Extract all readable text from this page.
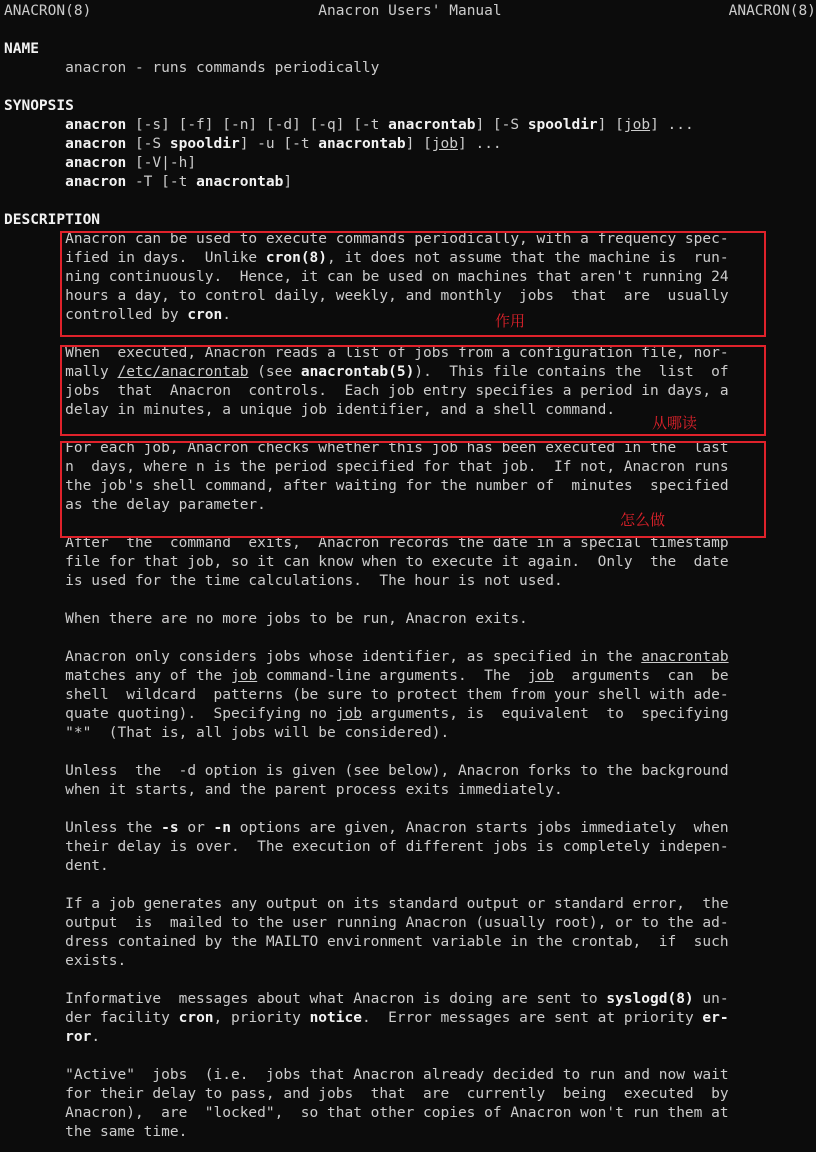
ANACRON(8)	Anacron Users' Manual	ANACRON(8)
NAME
anacron - runs commands periodically
SYNOPSIS
anacron [-s] [-f] [-n] [-d] [-q] [-t anacrontab] [-S spooldir] [job] ...
anacron [-S spooldir] -u [-t anacrontab] [job] ...
anacron [-V|-h]
anacron -T [-t anacrontab]
DESCRIPTION
Anacron can be used to execute commands periodically, with a frequency spec-
ified in days.  Unlike cron(8), it does not assume that the machine is  run-
ning continuously.  Hence, it can be used on machines that aren't running 24
hours a day, to control daily, weekly, and monthly  jobs  that  are  usually
controlled by cron.
When  executed, Anacron reads a list of jobs from a configuration file, nor-
mally /etc/anacrontab (see anacrontab(5)).  This file contains the  list  of
jobs  that  Anacron  controls.  Each job entry specifies a period in days, a
delay in minutes, a unique job identifier, and a shell command.
For each job, Anacron checks whether this job has been executed in the  last
n  days, where n is the period specified for that job.  If not, Anacron runs
the job's shell command, after waiting for the number of  minutes  specified
as the delay parameter.
After  the  command  exits,  Anacron records the date in a special timestamp
file for that job, so it can know when to execute it again.  Only  the  date
is used for the time calculations.  The hour is not used.
When there are no more jobs to be run, Anacron exits.
Anacron only considers jobs whose identifier, as specified in the anacrontab
matches any of the job command-line arguments.  The  job  arguments  can  be
shell  wildcard  patterns (be sure to protect them from your shell with ade-
quate quoting).  Specifying no job arguments, is  equivalent  to  specifying
"*"  (That is, all jobs will be considered).
Unless  the  -d option is given (see below), Anacron forks to the background
when it starts, and the parent process exits immediately.
Unless the -s or -n options are given, Anacron starts jobs immediately  when
their delay is over.  The execution of different jobs is completely indepen-
dent.
If a job generates any output on its standard output or standard error,  the
output  is  mailed to the user running Anacron (usually root), or to the ad-
dress contained by the MAILTO environment variable in the crontab,  if  such
exists.
Informative  messages about what Anacron is doing are sent to syslogd(8) un-
der facility cron, priority notice.  Error messages are sent at priority er-
ror.
"Active"  jobs  (i.e.  jobs that Anacron already decided to run and now wait
for their delay to pass, and jobs  that  are  currently  being  executed  by
Anacron),  are  "locked",  so that other copies of Anacron won't run them at
the same time.
作用
从哪读
怎么做
